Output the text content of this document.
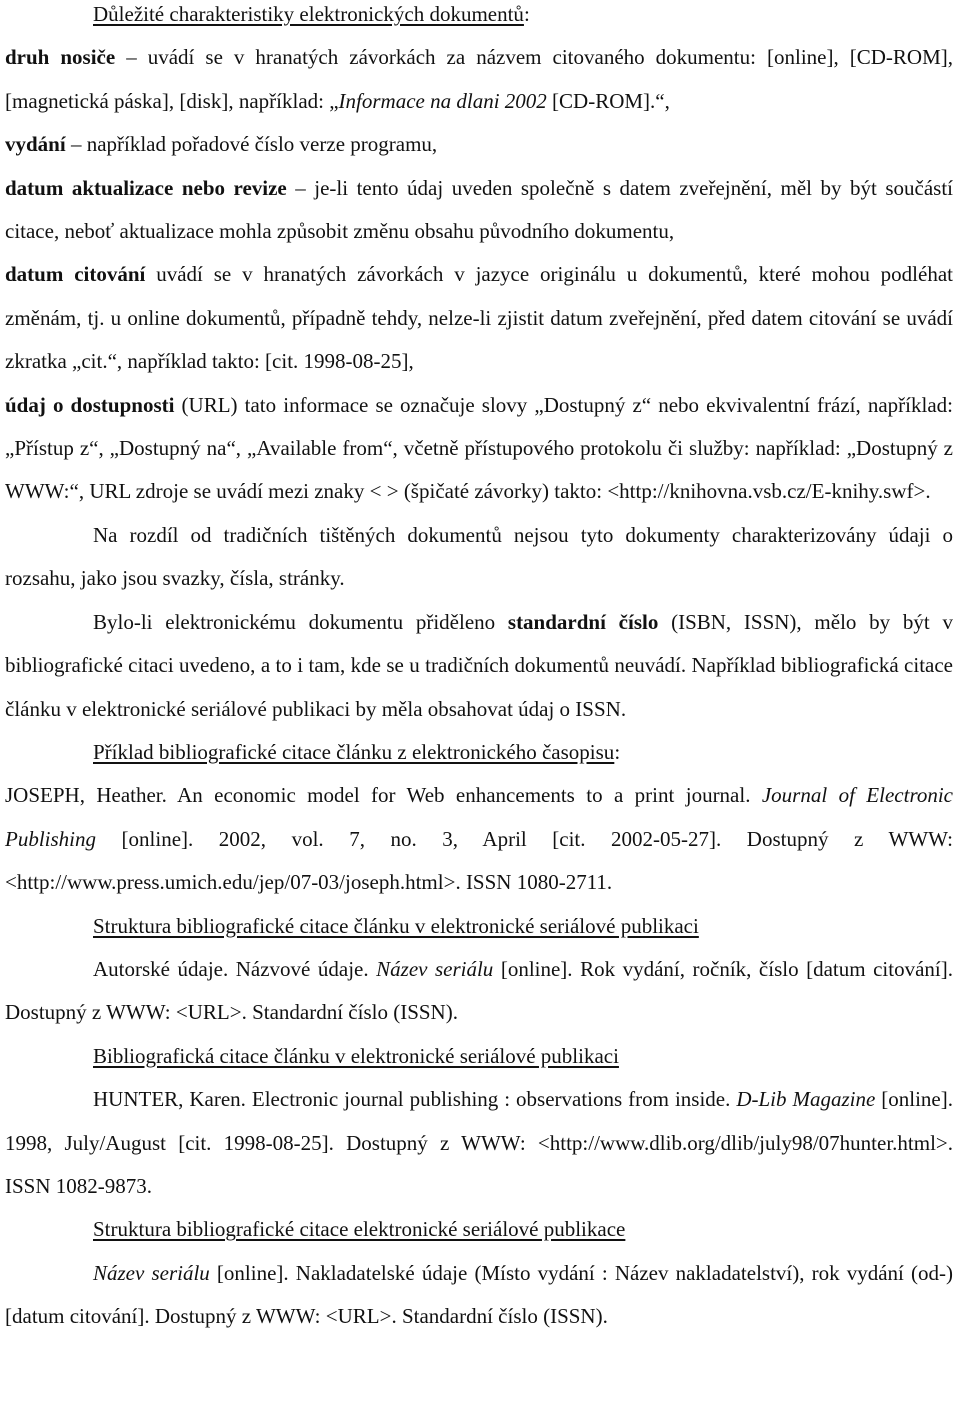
Důležité charakteristiky elektronických dokumentů:

druh nosiče – uvádí se v hranatých závorkách za názvem citovaného dokumentu: [online], [CD-ROM], [magnetická páska], [disk], například: „Informace na dlani 2002 [CD-ROM].“,

vydání – například pořadové číslo verze programu,

datum aktualizace nebo revize – je-li tento údaj uveden společně s datem zveřejnění, měl by být součástí citace, neboť aktualizace mohla způsobit změnu obsahu původního dokumentu,

datum citování uvádí se v hranatých závorkách v jazyce originálu u dokumentů, které mohou podléhat změnám, tj. u online dokumentů, případně tehdy, nelze-li zjistit datum zveřejnění, před datem citování se uvádí zkratka „cit.“, například takto: [cit. 1998-08-25],

údaj o dostupnosti (URL) tato informace se označuje slovy „Dostupný z“ nebo ekvivalentní frází, například: „Přístup z“, „Dostupný na“, „Available from“, včetně přístupového protokolu či služby: například: „Dostupný z WWW:“, URL zdroje se uvádí mezi znaky < > (špičaté závorky) takto: <http://knihovna.vsb.cz/E-knihy.swf>.

Na rozdíl od tradičních tištěných dokumentů nejsou tyto dokumenty charakterizovány údaji o rozsahu, jako jsou svazky, čísla, stránky.

Bylo-li elektronickému dokumentu přiděleno standardní číslo (ISBN, ISSN), mělo by být v bibliografické citaci uvedeno, a to i tam, kde se u tradičních dokumentů neuvádí. Například bibliografická citace článku v elektronické seriálové publikaci by měla obsahovat údaj o ISSN.

Příklad bibliografické citace článku z elektronického časopisu:

JOSEPH, Heather. An economic model for Web enhancements to a print journal. Journal of Electronic Publishing [online]. 2002, vol. 7, no. 3, April [cit. 2002-05-27]. Dostupný z WWW: <http://www.press.umich.edu/jep/07-03/joseph.html>. ISSN 1080-2711.

Struktura bibliografické citace článku v elektronické seriálové publikaci

Autorské údaje. Názvové údaje. Název seriálu [online]. Rok vydání, ročník, číslo [datum citování]. Dostupný z WWW: <URL>. Standardní číslo (ISSN).

Bibliografická citace článku v elektronické seriálové publikaci

HUNTER, Karen. Electronic journal publishing : observations from inside. D-Lib Magazine [online]. 1998, July/August [cit. 1998-08-25]. Dostupný z WWW: <http://www.dlib.org/dlib/july98/07hunter.html>. ISSN 1082-9873.

Struktura bibliografické citace elektronické seriálové publikace

Název seriálu [online]. Nakladatelské údaje (Místo vydání : Název nakladatelství), rok vydání (od-)[datum citování]. Dostupný z WWW: <URL>. Standardní číslo (ISSN).
